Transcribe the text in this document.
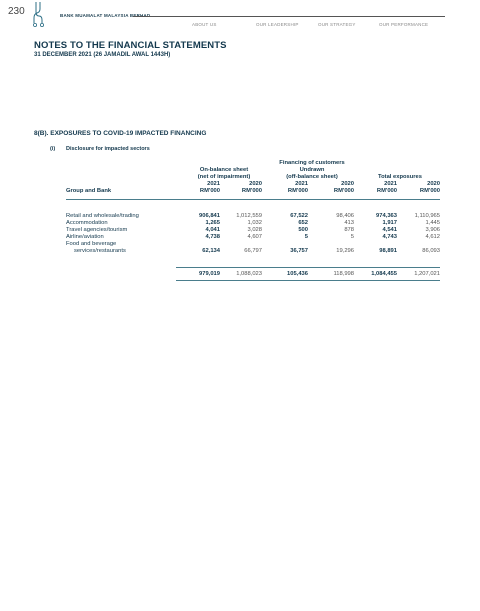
230	BANK MUAMALAT MALAYSIA BERHAD
ABOUT US	OUR LEADERSHIP	OUR STRATEGY	OUR PERFORMANCE
NOTES TO THE FINANCIAL STATEMENTS
31 DECEMBER 2021 (26 JAMADIL AWAL 1443H)
8(B). EXPOSURES TO COVID-19 IMPACTED FINANCING
(i) Disclosure for impacted sectors
Financing of customers
Undrawn
On-balance sheet
(net of impairment)	(off-balance sheet)	Total exposures
2021	2020	2021	2020	2021	2020
Group and Bank	RM'000	RM'000	RM'000	RM'000	RM'000	RM'000
Retail and wholesale/trading	906,841	1,012,559	67,522	98,406	974,363	1,110,965
Accommodation	1,265	1,032	652	413	1,917	1,445
Travel agencies/tourism	4,041	3,028	500	878	4,541	3,906
Airline/aviation	4,738	4,607	5	5	4,743	4,612
Food and beverage
services/restaurants	62,134	66,797	36,757	19,296	98,891	86,093
979,019	1,088,023	105,436	118,998	1,084,455	1,207,021
